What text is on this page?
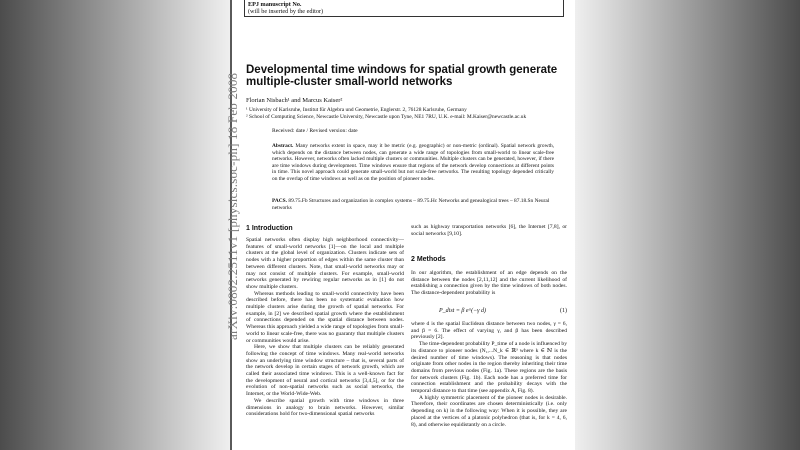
EPJ manuscript No.
(will be inserted by the editor)
arXiv:0802.2511v1 [physics.soc-ph] 18 Feb 2008
Developmental time windows for spatial growth generate
multiple-cluster small-world networks
Florian Nisbach¹ and Marcus Kaiser²
¹ University of Karlsruhe, Institut für Algebra und Geometrie, Englerstr. 2, 76128 Karlsruhe, Germany
² School of Computing Science, Newcastle University, Newcastle upon Tyne, NE1 7RU, U.K. e-mail: M.Kaiser@newcastle.ac.uk
Received: date / Revised version: date
Abstract. Many networks extent in space, may it be metric (e.g. geographic) or non-metric (ordinal). Spatial network growth, which depends on the distance between nodes, can generate a wide range of topologies from small-world to linear scale-free networks. However, networks often lacked multiple clusters or communities. Multiple clusters can be generated, however, if there are time windows during development. Time windows ensure that regions of the network develop connections at different points in time. This novel approach could generate small-world but not scale-free networks. The resulting topology depended critically on the overlap of time windows as well as on the position of pioneer nodes.
PACS. 89.75.Fb Structures and organization in complex systems – 89.75.Hc Networks and genealogical trees – 87.18.Sn Neural networks
1 Introduction

Spatial networks often display high neighborhood connectivity—features of small-world networks [1]—on the local and multiple clusters at the global level of organization. Clusters indicate sets of nodes with a higher proportion of edges within the same cluster than between different clusters. Note, that small-world networks may or may not consist of multiple clusters. For example, small-world networks generated by rewiring regular networks as in [1] do not show multiple clusters.

Whereas methods leading to small-world connectivity have been described before, there has been no systematic evaluation how multiple clusters arise during the growth of spatial networks. For example, in [2] we described spatial growth where the establishment of connections depended on the spatial distance between nodes. Whereas this approach yielded a wide range of topologies from small-world to linear scale-free, there was no guaranty that multiple clusters or communities would arise.

Here, we show that multiple clusters can be reliably generated following the concept of time windows. Many real-world networks show an underlying time window structure – that is, several parts of the network develop in certain stages of network growth, which are called their associated time windows. This is a well-known fact for the development of neural and cortical networks [3,4,5], or for the evolution of non-spatial networks such as social networks, the Internet, or the World-Wide-Web.

We describe spatial growth with time windows in three dimensions in analogy to brain networks. However, similar considerations hold for two-dimensional spatial networks

such as highway transportation networks [6], the Internet [7,8], or social networks [9,10].

2 Methods

In our algorithm, the establishment of an edge depends on the distance between the nodes [2,11,12] and the current likelihood of establishing a connection given by the time windows of both nodes. The distance-dependent probability is

P_dist = β e^(−γ d)	(1)

where d is the spatial Euclidean distance between two nodes, γ = 6, and β = 6. The effect of varying γ, and β has been described previously [2].

The time-dependent probability P_time of a node is influenced by its distance to pioneer nodes (N₁,...N_k ∈ ℝ³ where k ∈ ℕ is the desired number of time windows). The reasoning is that nodes originate from other nodes in the region thereby inheriting their time domains from previous nodes (Fig. 1a). These regions are the basis for network clusters (Fig. 1b). Each node has a preferred time for connection establishment and the probability decays with the temporal distance to that time (see appendix A, Fig. 8).

A highly symmetric placement of the pioneer nodes is desirable. Therefore, their coordinates are chosen deterministically (i.e. only depending on k) in the following way: When it is possible, they are placed at the vertices of a platonic polyhedron (that is, for k = 4, 6, 8), and otherwise equidistantly on a circle.
